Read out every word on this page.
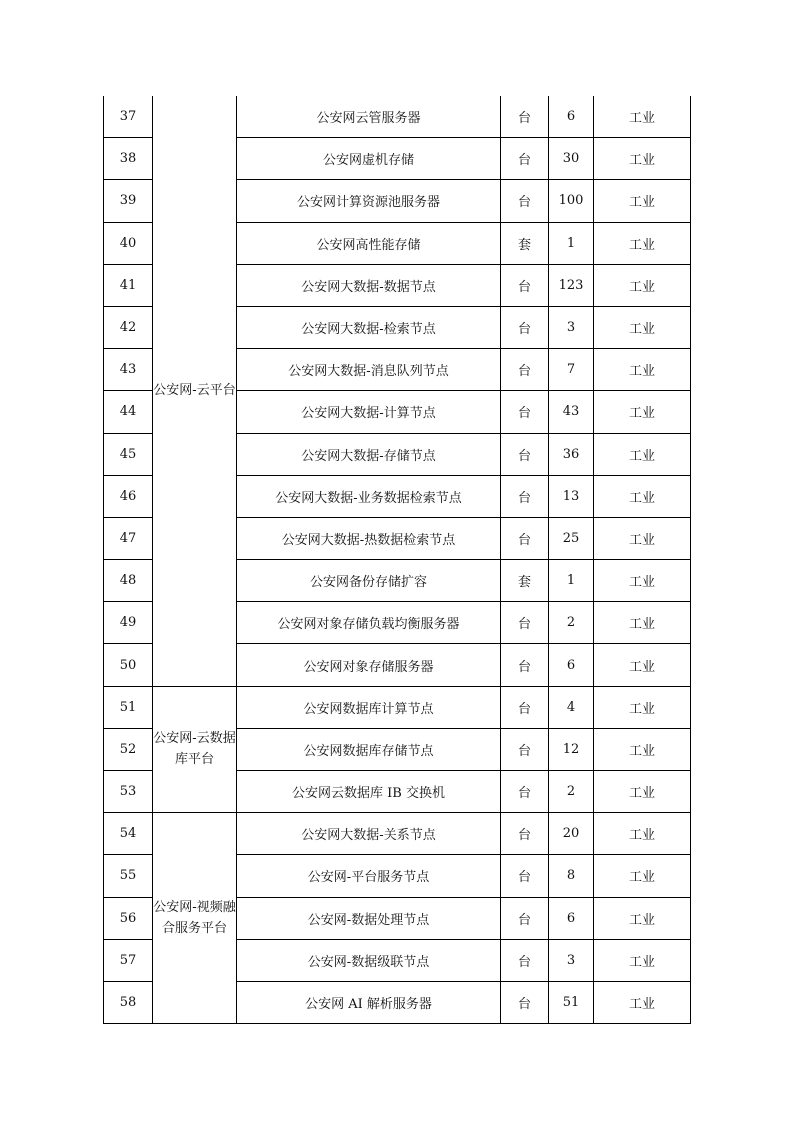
37	公安网-云平台	公安网云管服务器	台	6	工业
38		公安网虚机存储	台	30	工业
39		公安网计算资源池服务器	台	100	工业
40		公安网高性能存储	套	1	工业
41		公安网大数据-数据节点	台	123	工业
42		公安网大数据-检索节点	台	3	工业
43		公安网大数据-消息队列节点	台	7	工业
44		公安网大数据-计算节点	台	43	工业
45		公安网大数据-存储节点	台	36	工业
46		公安网大数据-业务数据检索节点	台	13	工业
47		公安网大数据-热数据检索节点	台	25	工业
48		公安网备份存储扩容	套	1	工业
49		公安网对象存储负载均衡服务器	台	2	工业
50		公安网对象存储服务器	台	6	工业
51	公安网-云数据库平台	公安网数据库计算节点	台	4	工业
52		公安网数据库存储节点	台	12	工业
53		公安网云数据库 IB 交换机	台	2	工业
54	公安网-视频融合服务平台	公安网大数据-关系节点	台	20	工业
55		公安网-平台服务节点	台	8	工业
56		公安网-数据处理节点	台	6	工业
57		公安网-数据级联节点	台	3	工业
58		公安网 AI 解析服务器	台	51	工业
